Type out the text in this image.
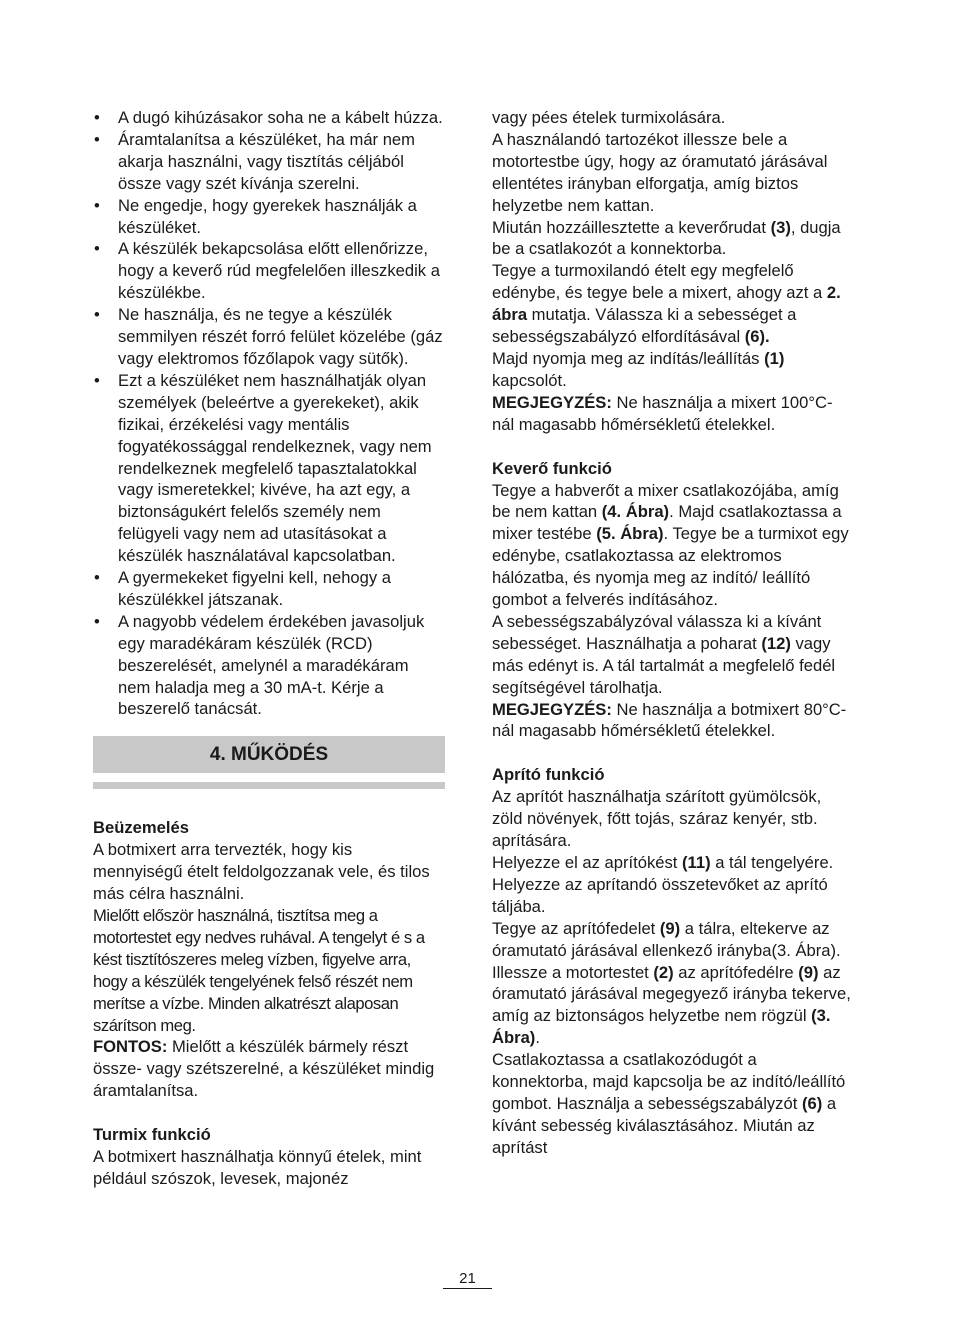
• A dugó kihúzásakor soha ne a kábelt húzza.
• Áramtalanítsa a készüléket, ha már nem akarja használni, vagy tisztítás céljából össze vagy szét kívánja szerelni.
• Ne engedje, hogy gyerekek használják a készüléket.
• A készülék bekapcsolása előtt ellenőrizze, hogy a keverő rúd megfelelően illeszkedik a készülékbe.
• Ne használja, és ne tegye a készülék semmilyen részét forró felület közelébe (gáz vagy elektromos főzőlapok vagy sütők).
• Ezt a készüléket nem használhatják olyan személyek (beleértve a gyerekeket), akik fizikai, érzékelési vagy mentális fogyatékossággal rendelkeznek, vagy nem rendelkeznek megfelelő tapasztalatokkal vagy ismeretekkel; kivéve, ha azt egy, a biztonságukért felelős személy nem felügyeli vagy nem ad utasításokat a készülék használatával kapcsolatban.
• A gyermekeket figyelni kell, nehogy a készülékkel játszanak.
• A nagyobb védelem érdekében javasoljuk egy maradékáram készülék (RCD) beszerelését, amelynél a maradékáram nem haladja meg a 30 mA-t. Kérje a beszerelő tanácsát.
4. MŰKÖDÉS
Beüzemelés

A botmixert arra tervezték, hogy kis mennyiségű ételt feldolgozzanak vele, és tilos más célra használni.

Mielőtt először használná, tisztítsa meg a motortestet egy nedves ruhával. A tengelyt é s a kést tisztítószeres meleg vízben, figyelve arra, hogy a készülék tengelyének felső részét nem merítse a vízbe. Minden alkatrészt alaposan szárítson meg.

FONTOS: Mielőtt a készülék bármely részt össze- vagy szétszerelné, a készüléket mindig áramtalanítsa.

Turmix funkció

A botmixert használhatja könnyű ételek, mint például szószok, levesek, majonéz

vagy pées ételek turmixolására.

A használandó tartozékot illessze bele a motortestbe úgy, hogy az óramutató járásával ellentétes irányban elforgatja, amíg biztos helyzetbe nem kattan.

Miután hozzáillesztette a keverőrudat (3), dugja be a csatlakozót a konnektorba.

Tegye a turmoxilandó ételt egy megfelelő edénybe, és tegye bele a mixert, ahogy azt a 2. ábra mutatja. Válassza ki a sebességet a sebességszabályzó elfordításával (6).

Majd nyomja meg az indítás/leállítás (1) kapcsolót.

MEGJEGYZÉS: Ne használja a mixert 100°C-nál magasabb hőmérsékletű ételekkel.

Keverő funkció

Tegye a habverőt a mixer csatlakozójába, amíg be nem kattan (4. Ábra). Majd csatlakoztassa a mixer testébe (5. Ábra). Tegye be a turmixot egy edénybe, csatlakoztassa az elektromos hálózatba, és nyomja meg az indító/ leállító gombot a felverés indításához.

A sebességszabályzóval válassza ki a kívánt sebességet. Használhatja a poharat (12) vagy más edényt is. A tál tartalmát a megfelelő fedél segítségével tárolhatja.

MEGJEGYZÉS: Ne használja a botmixert 80°C-nál magasabb hőmérsékletű ételekkel.

Aprító funkció

Az aprítót használhatja szárított gyümölcsök, zöld növények, főtt tojás, száraz kenyér, stb. aprítására.

Helyezze el az aprítókést (11) a tál tengelyére. Helyezze az aprítandó összetevőket az aprító táljába.

Tegye az aprítófedelet (9) a tálra, eltekerve az óramutató járásával ellenkező irányba(3. Ábra).

Illessze a motortestet (2) az aprítófedélre (9) az óramutató járásával megegyező irányba tekerve, amíg az biztonságos helyzetbe nem rögzül (3. Ábra).

Csatlakoztassa a csatlakozódugót a konnektorba, majd kapcsolja be az indító/leállító gombot. Használja a sebességszabályzót (6) a kívánt sebesség kiválasztásához. Miután az aprítást

21
